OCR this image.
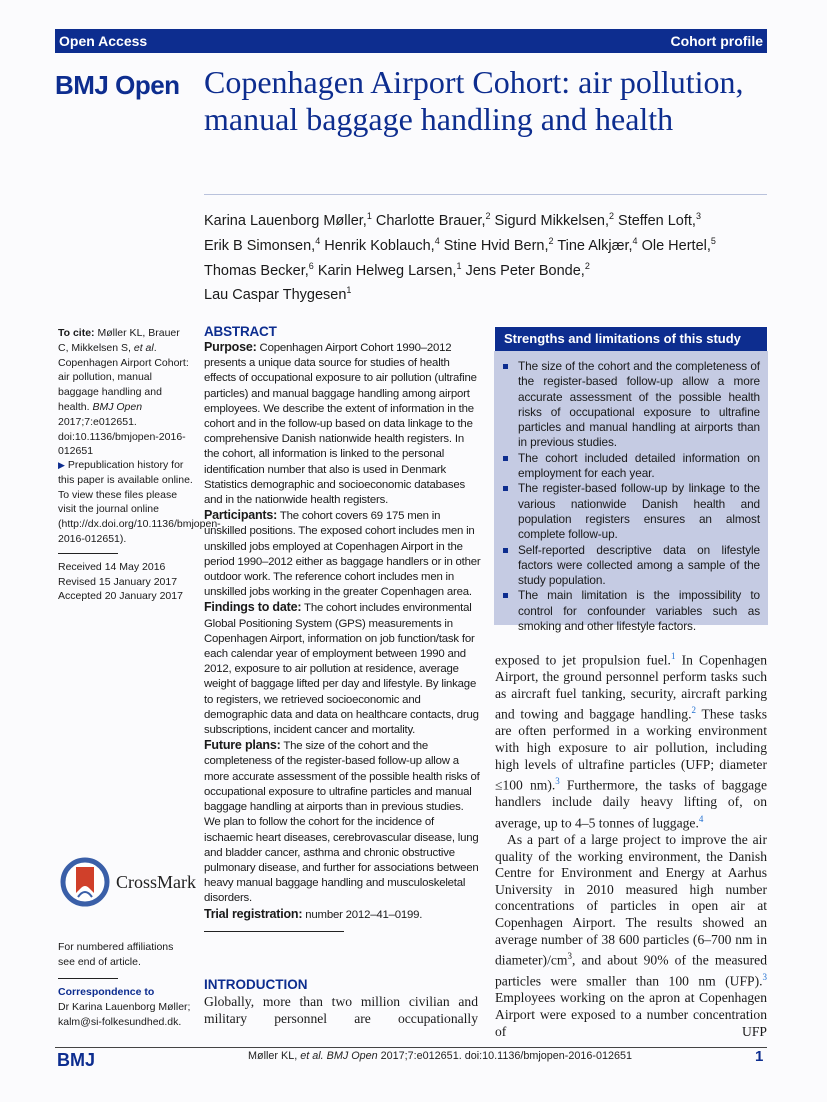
Open Access	Cohort profile
BMJ Open Copenhagen Airport Cohort: air pollution, manual baggage handling and health
Karina Lauenborg Møller,$^1$ Charlotte Brauer,$^2$ Sigurd Mikkelsen,$^2$ Steffen Loft,$^3$
Erik B Simonsen,$^4$ Henrik Koblauch,$^4$ Stine Hvid Bern,$^2$ Tine Alkjær,$^4$ Ole Hertel,$^5$
Thomas Becker,$^6$ Karin Helweg Larsen,$^1$ Jens Peter Bonde,$^2$
Lau Caspar Thygesen$^1$
To cite: Møller KL, Brauer C, Mikkelsen S, et al. Copenhagen Airport Cohort: air pollution, manual baggage handling and health. BMJ Open 2017;7:e012651. doi:10.1136/bmjopen-2016-012651
▶ Prepublication history for this paper is available online. To view these files please visit the journal online (http://dx.doi.org/10.1136/bmjopen-2016-012651).
Received 14 May 2016
Revised 15 January 2017
Accepted 20 January 2017
CrossMark
For numbered affiliations see end of article.
Correspondence to
Dr Karina Lauenborg Møller; kalm@si-folkesundhed.dk.
ABSTRACT

Purpose: Copenhagen Airport Cohort 1990–2012 presents a unique data source for studies of health effects of occupational exposure to air pollution (ultrafine particles) and manual baggage handling among airport employees. We describe the extent of information in the cohort and in the follow-up based on data linkage to the comprehensive Danish nationwide health registers. In the cohort, all information is linked to the personal identification number that also is used in Denmark Statistics demographic and socioeconomic databases and in the nationwide health registers.

Participants: The cohort covers 69 175 men in unskilled positions. The exposed cohort includes men in unskilled jobs employed at Copenhagen Airport in the period 1990–2012 either as baggage handlers or in other outdoor work. The reference cohort includes men in unskilled jobs working in the greater Copenhagen area.

Findings to date: The cohort includes environmental Global Positioning System (GPS) measurements in Copenhagen Airport, information on job function/task for each calendar year of employment between 1990 and 2012, exposure to air pollution at residence, average weight of baggage lifted per day and lifestyle. By linkage to registers, we retrieved socioeconomic and demographic data and data on healthcare contacts, drug subscriptions, incident cancer and mortality.

Future plans: The size of the cohort and the completeness of the register-based follow-up allow a more accurate assessment of the possible health risks of occupational exposure to ultrafine particles and manual baggage handling at airports than in previous studies. We plan to follow the cohort for the incidence of ischaemic heart diseases, cerebrovascular disease, lung and bladder cancer, asthma and chronic obstructive pulmonary disease, and further for associations between heavy manual baggage handling and musculoskeletal disorders.

Trial registration: number 2012–41–0199.

INTRODUCTION

Globally, more than two million civilian and military personnel are occupationally

Strengths and limitations of this study
The size of the cohort and the completeness of the register-based follow-up allow a more accurate assessment of the possible health risks of occupational exposure to ultrafine particles and manual handling at airports than in previous studies.
The cohort included detailed information on employment for each year.
The register-based follow-up by linkage to the various nationwide Danish health and population registers ensures an almost complete follow-up.
Self-reported descriptive data on lifestyle factors were collected among a sample of the study population.
The main limitation is the impossibility to control for confounder variables such as smoking and other lifestyle factors.

exposed to jet propulsion fuel.$^1$ In Copenhagen Airport, the ground personnel perform tasks such as aircraft fuel tanking, security, aircraft parking and towing and baggage handling.$^2$ These tasks are often performed in a working environment with high exposure to air pollution, including high levels of ultrafine particles (UFP; diameter ≤100 nm).$^3$ Furthermore, the tasks of baggage handlers include daily heavy lifting of, on average, up to 4–5 tonnes of luggage.$^4$

As a part of a large project to improve the air quality of the working environment, the Danish Centre for Environment and Energy at Aarhus University in 2010 measured high number concentrations of particles in open air at Copenhagen Airport. The results showed an average number of 38 600 particles (6–700 nm in $diameter)/cm^3$, and about 90% of the measured particles were smaller than 100 nm (UFP).$^3$ Employees working on the apron at Copenhagen Airport were exposed to a number concentration of UFP

BMJ	Møller KL, et al. BMJ Open 2017;7:e012651. doi:10.1136/bmjopen-2016-012651	1
